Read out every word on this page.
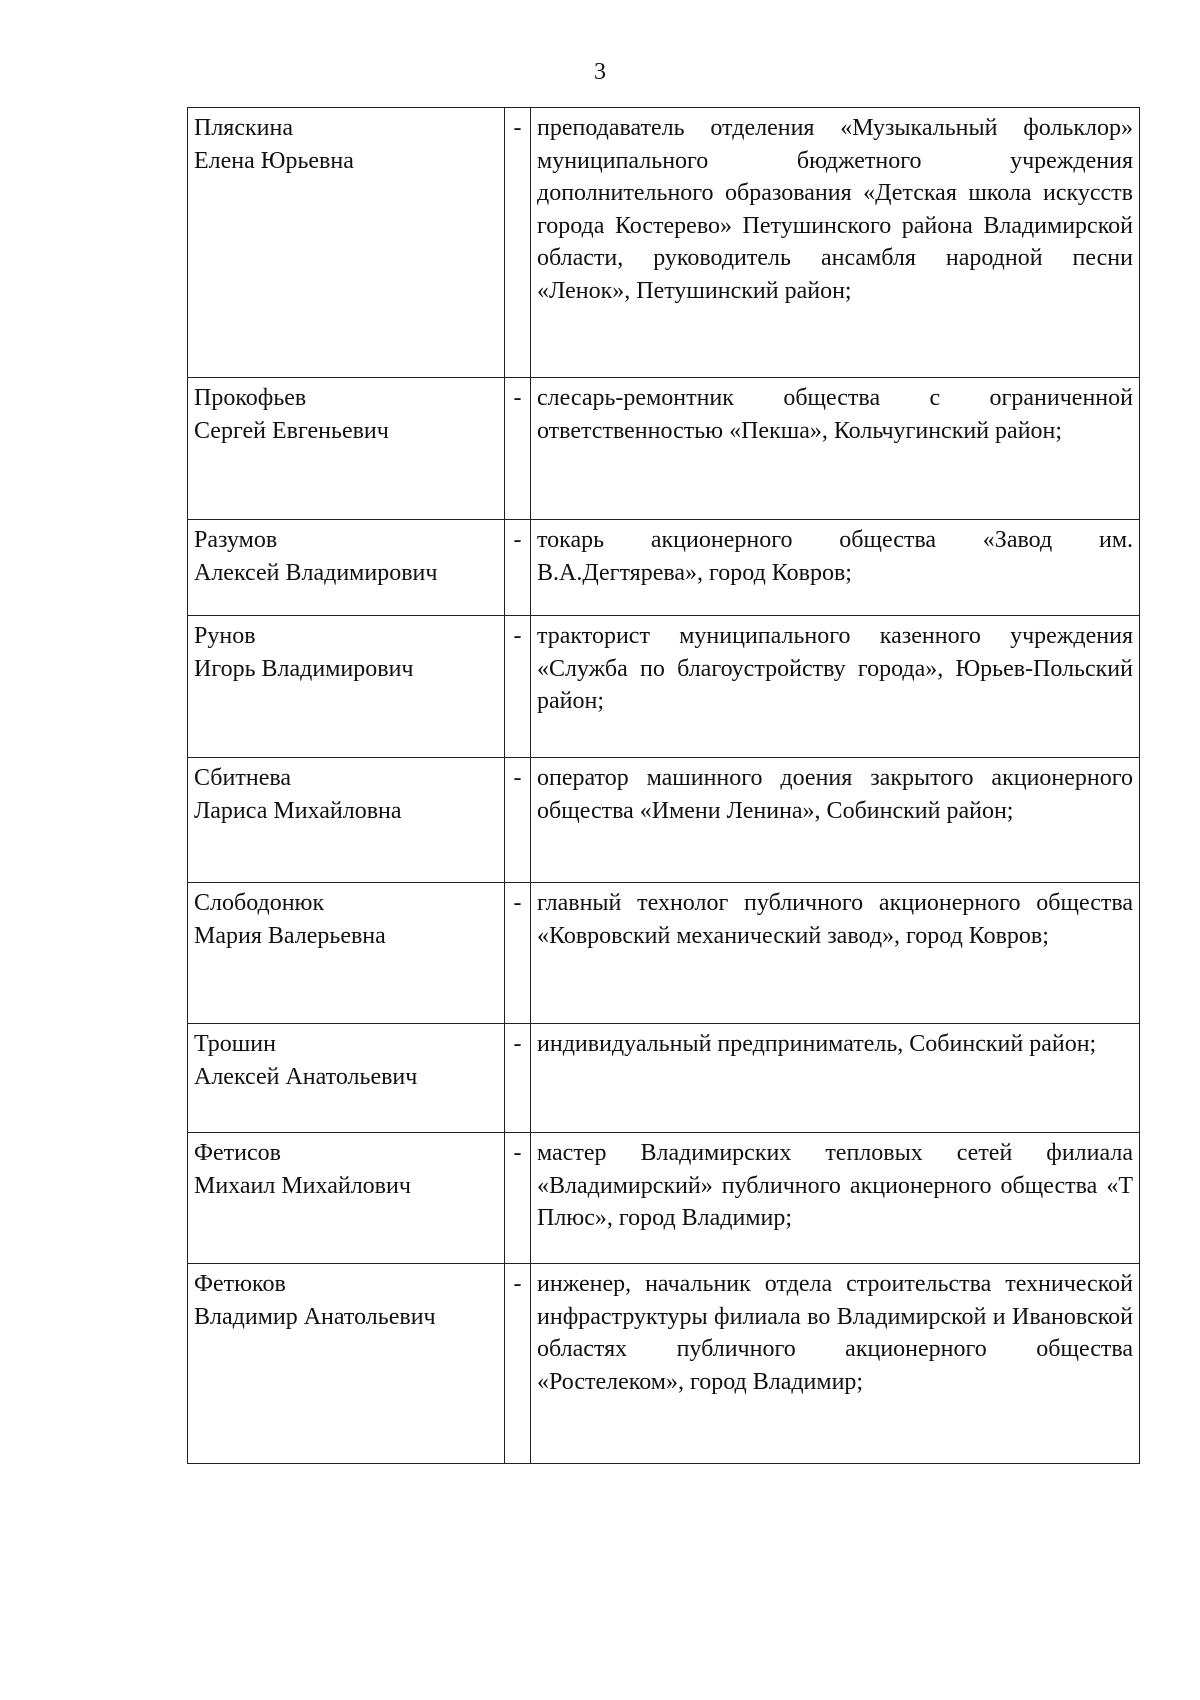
3
Пляскина
Елена Юрьевна	-	преподаватель отделения «Музыкальный фольклор» муниципального бюджетного учреждения дополнительного образования «Детская школа искусств города Костерево» Петушинского района Владимирской области, руководитель ансамбля народной песни «Ленок», Петушинский район;

Прокофьев
Сергей Евгеньевич	-	слесарь-ремонтник общества с ограниченной ответственностью «Пекша», Кольчугинский район;

Разумов
Алексей Владимирович	-	токарь акционерного общества «Завод им. В.А.Дегтярева», город Ковров;

Рунов
Игорь Владимирович	-	тракторист муниципального казенного учреждения «Служба по благоустройству города», Юрьев-Польский район;

Сбитнева
Лариса Михайловна	-	оператор машинного доения закрытого акционерного общества «Имени Ленина», Собинский район;

Слободонюк
Мария Валерьевна	-	главный технолог публичного акционерного общества «Ковровский механический завод», город Ковров;

Трошин
Алексей Анатольевич	-	индивидуальный предприниматель, Собинский район;

Фетисов
Михаил Михайлович	-	мастер Владимирских тепловых сетей филиала «Владимирский» публичного акционерного общества «Т Плюс», город Владимир;

Фетюков
Владимир Анатольевич	-	инженер, начальник отдела строительства технической инфраструктуры филиала во Владимирской и Ивановской областях публичного акционерного общества «Ростелеком», город Владимир;
